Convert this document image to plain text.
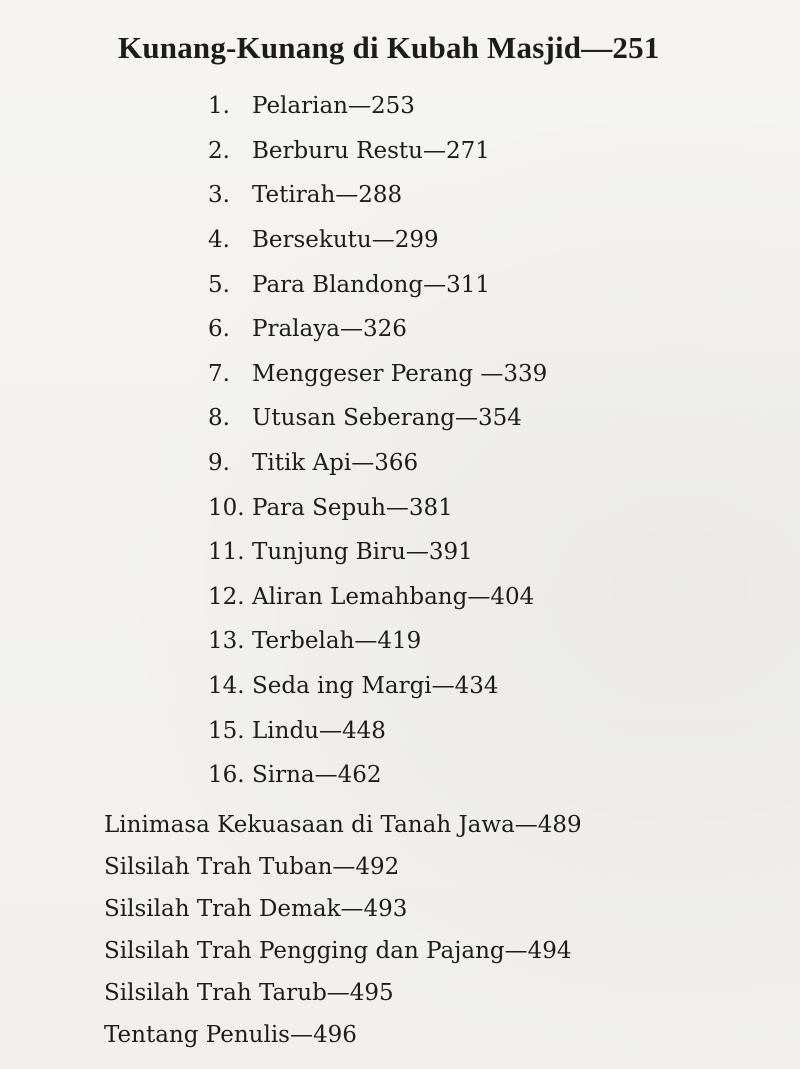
Kunang-Kunang di Kubah Masjid—251
1. Pelarian—253
2. Berburu Restu—271
3. Tetirah—288
4. Bersekutu—299
5. Para Blandong—311
6. Pralaya—326
7. Menggeser Perang —339
8. Utusan Seberang—354
9. Titik Api—366
10. Para Sepuh—381
11. Tunjung Biru—391
12. Aliran Lemahbang—404
13. Terbelah—419
14. Seda ing Margi—434
15. Lindu—448
16. Sirna—462
Linimasa Kekuasaan di Tanah Jawa—489
Silsilah Trah Tuban—492
Silsilah Trah Demak—493
Silsilah Trah Pengging dan Pajang—494
Silsilah Trah Tarub—495
Tentang Penulis—496
